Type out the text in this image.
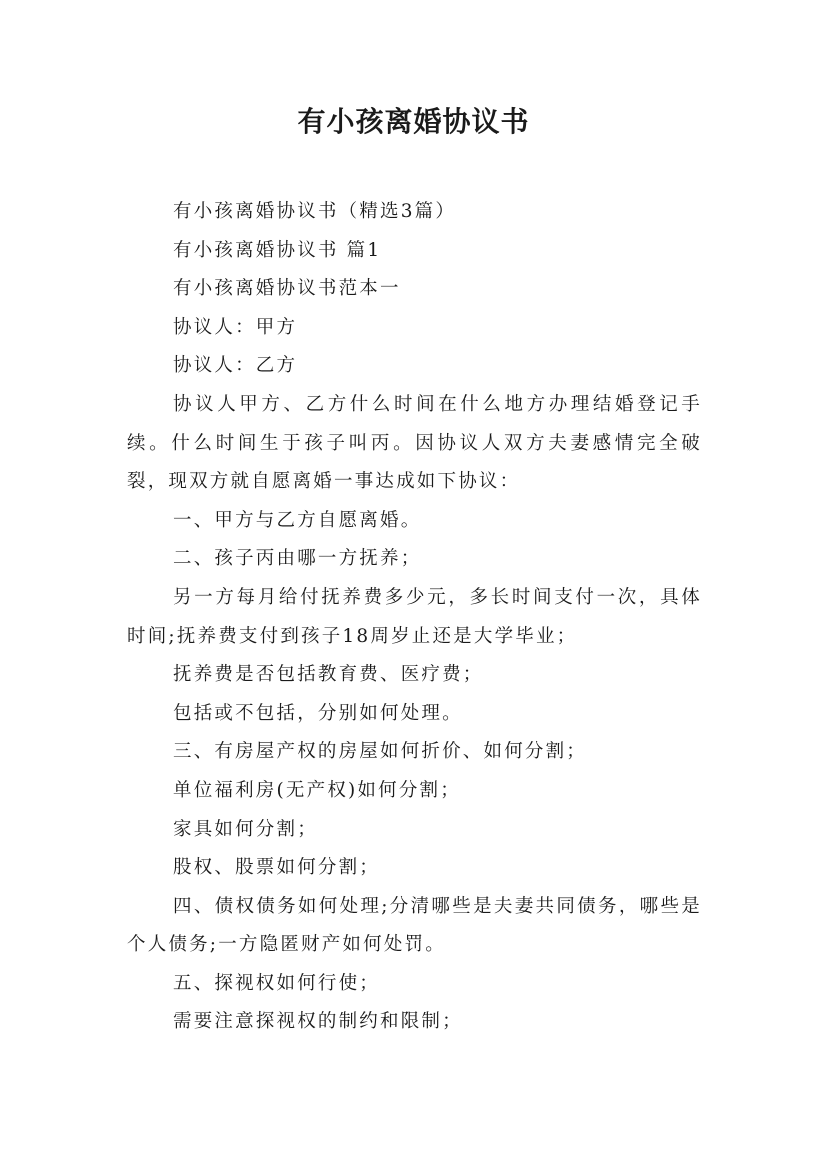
有小孩离婚协议书

有小孩离婚协议书（精选3篇）

有小孩离婚协议书 篇1

有小孩离婚协议书范本一

协议人：甲方

协议人：乙方

协议人甲方、乙方什么时间在什么地方办理结婚登记手续。什么时间生于孩子叫丙。因协议人双方夫妻感情完全破裂，现双方就自愿离婚一事达成如下协议：

一、甲方与乙方自愿离婚。

二、孩子丙由哪一方抚养；

另一方每月给付抚养费多少元，多长时间支付一次，具体时间;抚养费支付到孩子18周岁止还是大学毕业；

抚养费是否包括教育费、医疗费；

包括或不包括，分别如何处理。

三、有房屋产权的房屋如何折价、如何分割；

单位福利房(无产权)如何分割；

家具如何分割；

股权、股票如何分割；

四、债权债务如何处理;分清哪些是夫妻共同债务，哪些是个人债务;一方隐匿财产如何处罚。

五、探视权如何行使；

需要注意探视权的制约和限制；
